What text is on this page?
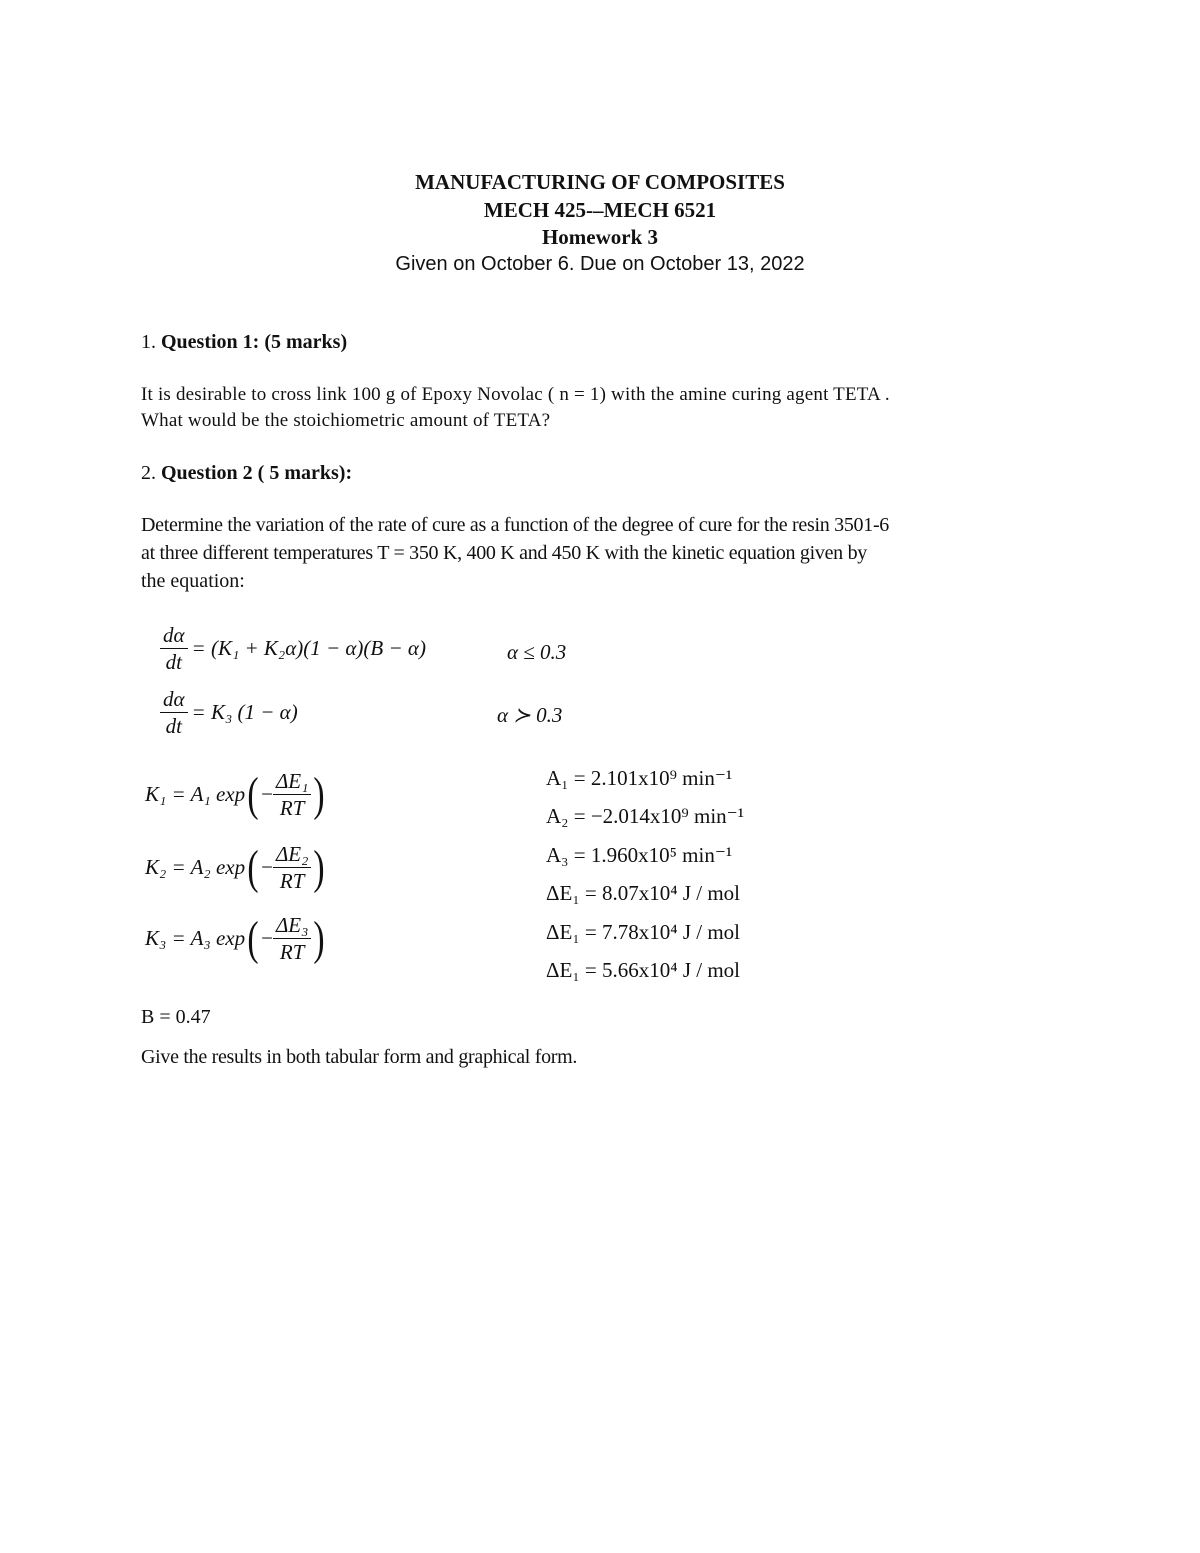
MANUFACTURING OF COMPOSITES
MECH 425-–MECH 6521
Homework 3
Given on October 6. Due on October 13, 2022
1. Question 1: (5 marks)
It is desirable to cross link 100 g of Epoxy Novolac ( n = 1) with the amine curing agent TETA .
What would be the stoichiometric amount of TETA?
2. Question 2 ( 5 marks):
Determine the variation of the rate of cure as a function of the degree of cure for the resin 3501-6
at three different temperatures T = 350 K, 400 K and 450 K with the kinetic equation given by
the equation:
$\frac{d\alpha}{dt} = (K_1 + K_2\alpha)(1 - \alpha)(B - \alpha)$	α ≤ 0.3
$\frac{d\alpha}{dt} = K_3$ (1 − α)	α ≻ 0.3
K₁ = A₁ exp ( − $\frac{\text{ΔE₁}}{RT}$ )
K₂ = A₂ exp ( − $\frac{\text{ΔE₂}}{RT}$ )
K₃ = A₃ exp ( − $\frac{\text{ΔE₃}}{RT}$ )
A₁ = 2.101x10⁹ min⁻¹
A₂ = −2.014x10⁹ min⁻¹
A₃ = 1.960x10⁵ min⁻¹
ΔE₁ = 8.07x10⁴ J / mol
ΔE₁ = 7.78x10⁴ J / mol
ΔE₁ = 5.66x10⁴ J / mol
B = 0.47
Give the results in both tabular form and graphical form.
